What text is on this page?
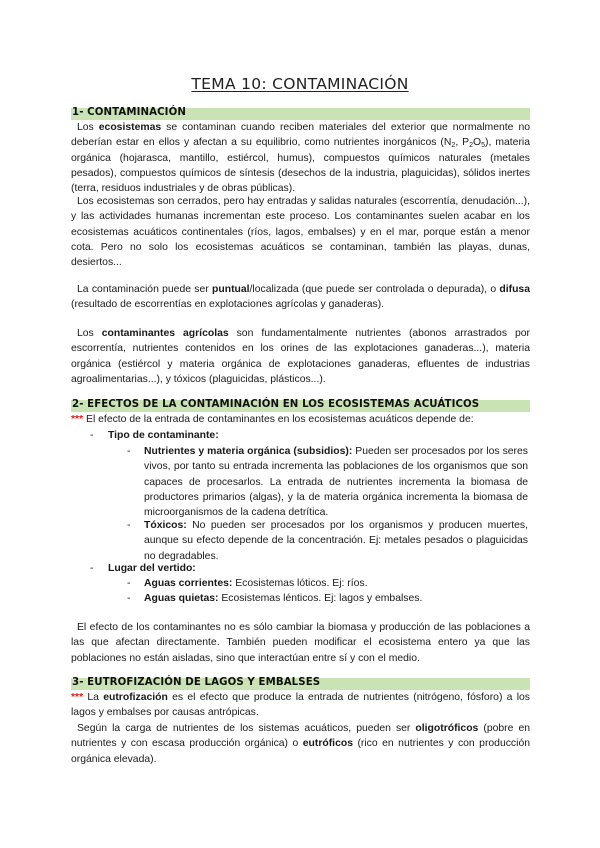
TEMA 10: CONTAMINACIÓN
1- CONTAMINACIÓN

Los ecosistemas se contaminan cuando reciben materiales del exterior que normalmente no deberían estar en ellos y afectan a su equilibrio, como nutrientes inorgánicos ($N_2$, $P_2O_5$), materia orgánica (hojarasca, mantillo, estiércol, humus), compuestos químicos naturales (metales pesados), compuestos químicos de síntesis (desechos de la industria, plaguicidas), sólidos inertes (terra, residuos industriales y de obras públicas).

Los ecosistemas son cerrados, pero hay entradas y salidas naturales (escorrentía, denudación...), y las actividades humanas incrementan este proceso. Los contaminantes suelen acabar en los ecosistemas acuáticos continentales (ríos, lagos, embalses) y en el mar, porque están a menor cota. Pero no solo los ecosistemas acuáticos se contaminan, también las playas, dunas, desiertos...

La contaminación puede ser puntual/localizada (que puede ser controlada o depurada), o difusa (resultado de escorrentías en explotaciones agrícolas y ganaderas).

Los contaminantes agrícolas son fundamentalmente nutrientes (abonos arrastrados por escorrentía, nutrientes contenidos en los orines de las explotaciones ganaderas...), materia orgánica (estiércol y materia orgánica de explotaciones ganaderas, efluentes de industrias agroalimentarias...), y tóxicos (plaguicidas, plásticos...).

2- EFECTOS DE LA CONTAMINACIÓN EN LOS ECOSISTEMAS ACUÁTICOS

*** El efecto de la entrada de contaminantes en los ecosistemas acuáticos depende de:

- Tipo de contaminante:

- Nutrientes y materia orgánica (subsidios): Pueden ser procesados por los seres vivos, por tanto su entrada incrementa las poblaciones de los organismos que son capaces de procesarlos. La entrada de nutrientes incrementa la biomasa de productores primarios (algas), y la de materia orgánica incrementa la biomasa de microorganismos de la cadena detrítica.

- Tóxicos: No pueden ser procesados por los organismos y producen muertes, aunque su efecto depende de la concentración. Ej: metales pesados o plaguicidas no degradables.

- Lugar del vertido:

- Aguas corrientes: Ecosistemas lóticos. Ej: ríos.

- Aguas quietas: Ecosistemas lénticos. Ej: lagos y embalses.

El efecto de los contaminantes no es sólo cambiar la biomasa y producción de las poblaciones a las que afectan directamente. También pueden modificar el ecosistema entero ya que las poblaciones no están aisladas, sino que interactúan entre sí y con el medio.

3- EUTROFIZACIÓN DE LAGOS Y EMBALSES

*** La eutrofización es el efecto que produce la entrada de nutrientes (nitrógeno, fósforo) a los lagos y embalses por causas antrópicas.

Según la carga de nutrientes de los sistemas acuáticos, pueden ser oligotróficos (pobre en nutrientes y con escasa producción orgánica) o eutróficos (rico en nutrientes y con producción orgánica elevada).
